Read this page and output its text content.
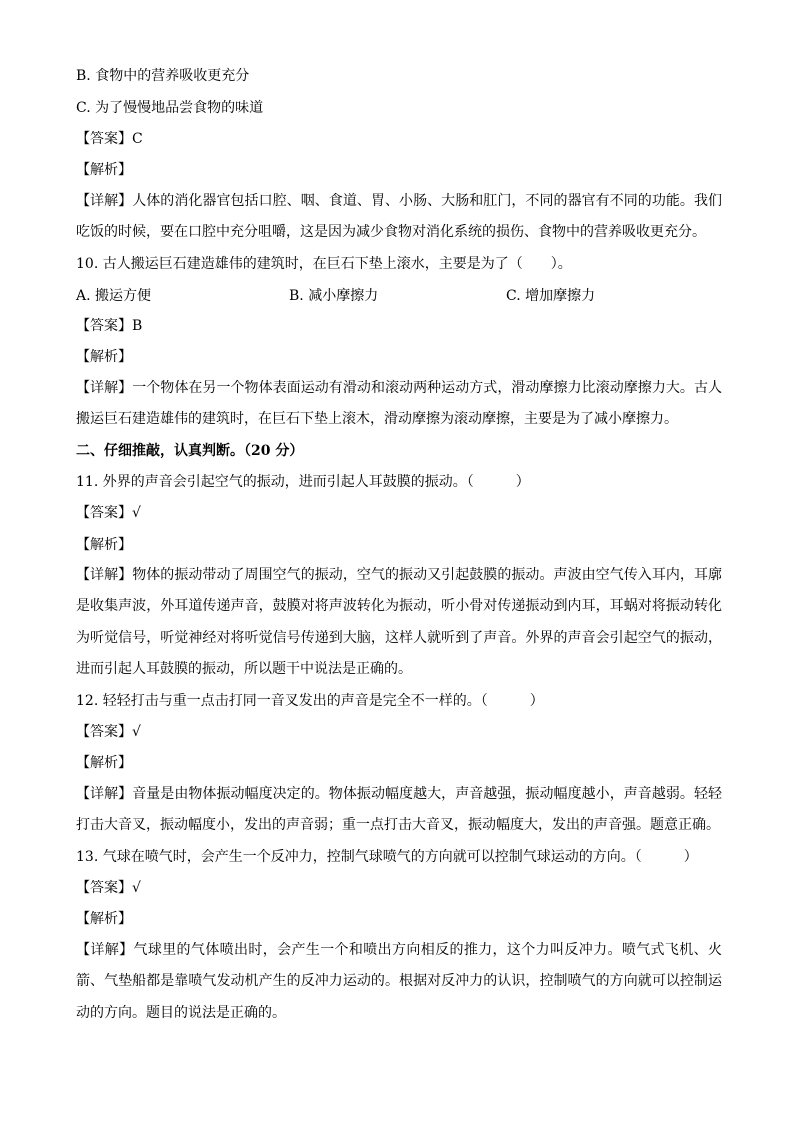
B. 食物中的营养吸收更充分
C. 为了慢慢地品尝食物的味道
【答案】C
【解析】
【详解】人体的消化器官包括口腔、咽、食道、胃、小肠、大肠和肛门，不同的器官有不同的功能。我们吃饭的时候，要在口腔中充分咀嚼，这是因为减少食物对消化系统的损伤、食物中的营养吸收更充分。
10. 古人搬运巨石建造雄伟的建筑时，在巨石下垫上滚水，主要是为了（　　）。
A. 搬运方便	B. 减小摩擦力	C. 增加摩擦力
【答案】B
【解析】
【详解】一个物体在另一个物体表面运动有滑动和滚动两种运动方式，滑动摩擦力比滚动摩擦力大。古人搬运巨石建造雄伟的建筑时，在巨石下垫上滚木，滑动摩擦为滚动摩擦，主要是为了减小摩擦力。
二、仔细推敲，认真判断。（20 分）
11. 外界的声音会引起空气的振动，进而引起人耳鼓膜的振动。（　　　）
【答案】√
【解析】
【详解】物体的振动带动了周围空气的振动，空气的振动又引起鼓膜的振动。声波由空气传入耳内，耳廓是收集声波，外耳道传递声音，鼓膜对将声波转化为振动，听小骨对传递振动到内耳，耳蜗对将振动转化为听觉信号，听觉神经对将听觉信号传递到大脑，这样人就听到了声音。外界的声音会引起空气的振动，进而引起人耳鼓膜的振动，所以题干中说法是正确的。
12. 轻轻打击与重一点击打同一音叉发出的声音是完全不一样的。（　　　）
【答案】√
【解析】
【详解】音量是由物体振动幅度决定的。物体振动幅度越大，声音越强，振动幅度越小，声音越弱。轻轻打击大音叉，振动幅度小，发出的声音弱；重一点打击大音叉，振动幅度大，发出的声音强。题意正确。
13. 气球在喷气时，会产生一个反冲力，控制气球喷气的方向就可以控制气球运动的方向。（　　　）
【答案】√
【解析】
【详解】气球里的气体喷出时，会产生一个和喷出方向相反的推力，这个力叫反冲力。喷气式飞机、火箭、气垫船都是靠喷气发动机产生的反冲力运动的。根据对反冲力的认识，控制喷气的方向就可以控制运动的方向。题目的说法是正确的。
